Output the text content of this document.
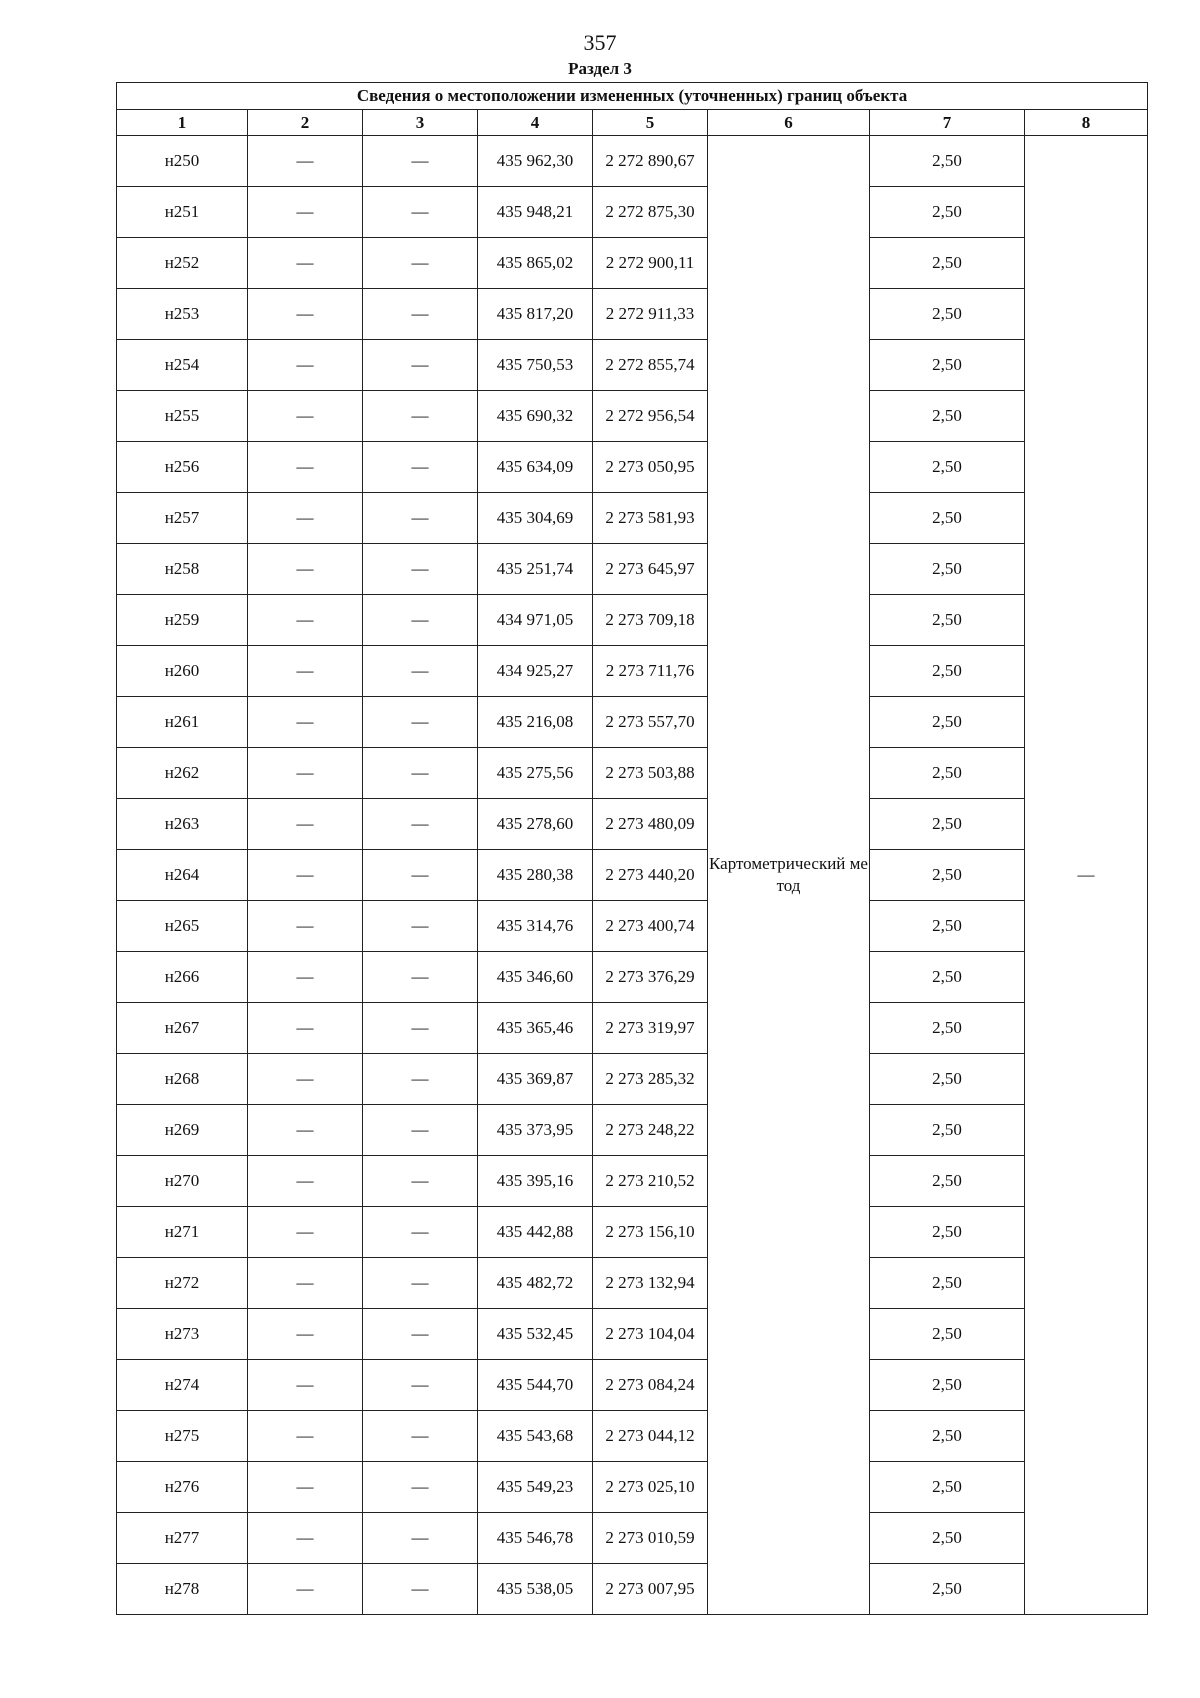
357
Раздел 3
Сведения о местоположении измененных (уточненных) границ объекта							
1	2	3	4	5	6	7	8
н250	—	—	435 962,30	2 272 890,67	Картометрический метод	2,50	—
н251	—	—	435 948,21	2 272 875,30		2,50	
н252	—	—	435 865,02	2 272 900,11		2,50	
н253	—	—	435 817,20	2 272 911,33		2,50	
н254	—	—	435 750,53	2 272 855,74		2,50	
н255	—	—	435 690,32	2 272 956,54		2,50	
н256	—	—	435 634,09	2 273 050,95		2,50	
н257	—	—	435 304,69	2 273 581,93		2,50	
н258	—	—	435 251,74	2 273 645,97		2,50	
н259	—	—	434 971,05	2 273 709,18		2,50	
н260	—	—	434 925,27	2 273 711,76		2,50	
н261	—	—	435 216,08	2 273 557,70		2,50	
н262	—	—	435 275,56	2 273 503,88		2,50	
н263	—	—	435 278,60	2 273 480,09		2,50	
н264	—	—	435 280,38	2 273 440,20		2,50	
н265	—	—	435 314,76	2 273 400,74		2,50	
н266	—	—	435 346,60	2 273 376,29		2,50	
н267	—	—	435 365,46	2 273 319,97		2,50	
н268	—	—	435 369,87	2 273 285,32		2,50	
н269	—	—	435 373,95	2 273 248,22		2,50	
н270	—	—	435 395,16	2 273 210,52		2,50	
н271	—	—	435 442,88	2 273 156,10		2,50	
н272	—	—	435 482,72	2 273 132,94		2,50	
н273	—	—	435 532,45	2 273 104,04		2,50	
н274	—	—	435 544,70	2 273 084,24		2,50	
н275	—	—	435 543,68	2 273 044,12		2,50	
н276	—	—	435 549,23	2 273 025,10		2,50	
н277	—	—	435 546,78	2 273 010,59		2,50	
н278	—	—	435 538,05	2 273 007,95		2,50	
